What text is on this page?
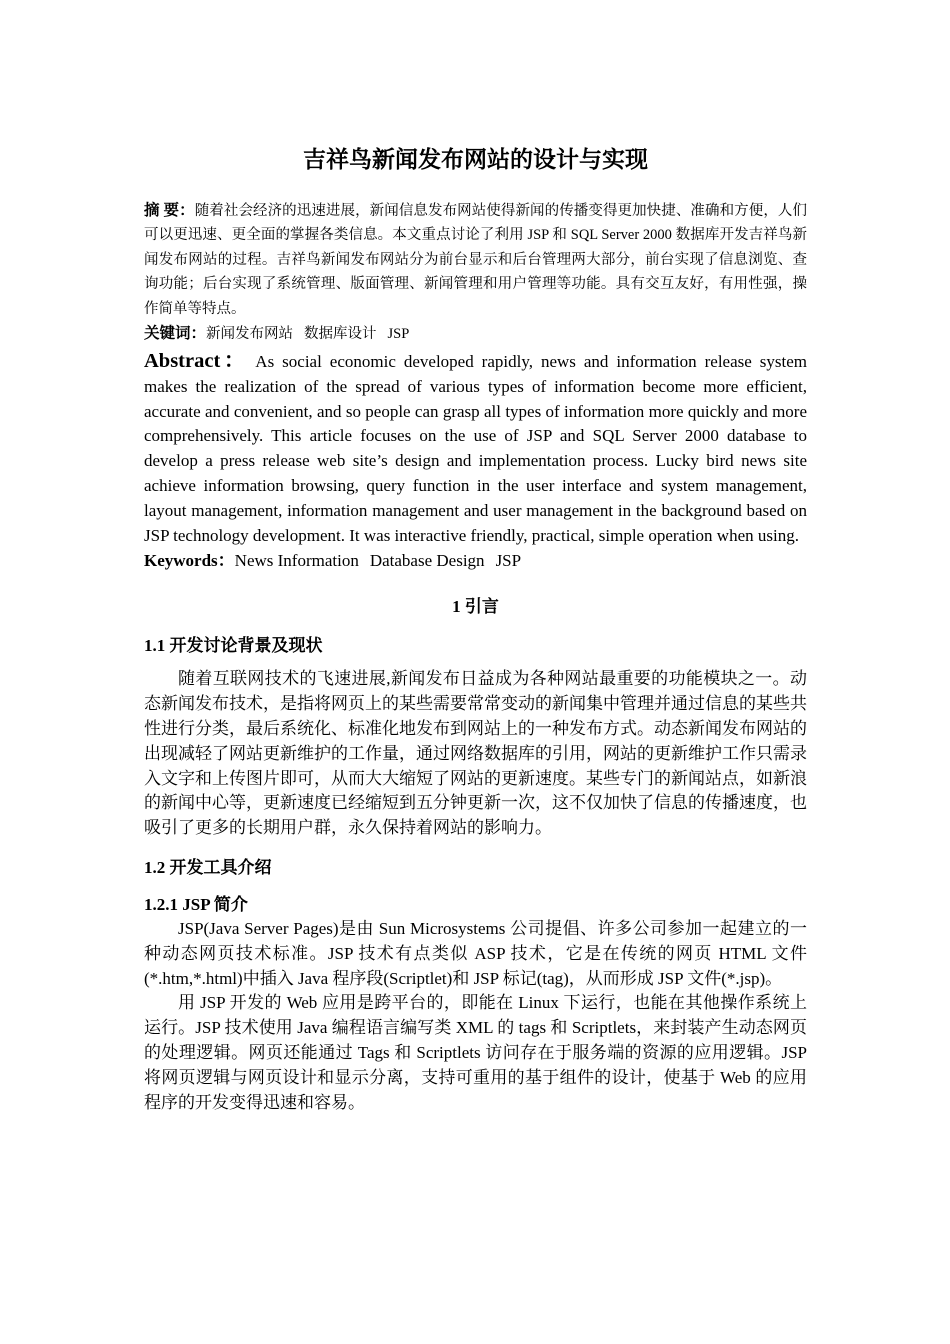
吉祥鸟新闻发布网站的设计与实现

摘 要：随着社会经济的迅速进展，新闻信息发布网站使得新闻的传播变得更加快捷、准确和方便，人们可以更迅速、更全面的掌握各类信息。本文重点讨论了利用 JSP 和 SQL Server 2000 数据库开发吉祥鸟新闻发布网站的过程。吉祥鸟新闻发布网站分为前台显示和后台管理两大部分，前台实现了信息浏览、查询功能；后台实现了系统管理、版面管理、新闻管理和用户管理等功能。具有交互友好，有用性强，操作简单等特点。

关键词：新闻发布网站 数据库设计 JSP

Abstract： As social economic developed rapidly, news and information release system makes the realization of the spread of various types of information become more efficient, accurate and convenient, and so people can grasp all types of information more quickly and more comprehensively. This article focuses on the use of JSP and SQL Server 2000 database to develop a press release web site’s design and implementation process. Lucky bird news site achieve information browsing, query function in the user interface and system management, layout management, information management and user management in the background based on JSP technology development. It was interactive friendly, practical, simple operation when using.

Keywords：News Information Database Design JSP

1 引言
1.1 开发讨论背景及现状

随着互联网技术的飞速进展,新闻发布日益成为各种网站最重要的功能模块之一。动态新闻发布技术，是指将网页上的某些需要常常变动的新闻集中管理并通过信息的某些共性进行分类，最后系统化、标准化地发布到网站上的一种发布方式。动态新闻发布网站的出现减轻了网站更新维护的工作量，通过网络数据库的引用，网站的更新维护工作只需录入文字和上传图片即可，从而大大缩短了网站的更新速度。某些专门的新闻站点，如新浪的新闻中心等，更新速度已经缩短到五分钟更新一次，这不仅加快了信息的传播速度，也吸引了更多的长期用户群，永久保持着网站的影响力。

1.2 开发工具介绍
1.2.1 JSP 简介

JSP(Java Server Pages)是由 Sun Microsystems 公司提倡、许多公司参加一起建立的一种动态网页技术标准。JSP 技术有点类似 ASP 技术，它是在传统的网页 HTML 文件(*.htm,*.html)中插入 Java 程序段(Scriptlet)和 JSP 标记(tag)，从而形成 JSP 文件(*.jsp)。

用 JSP 开发的 Web 应用是跨平台的，即能在 Linux 下运行，也能在其他操作系统上运行。JSP 技术使用 Java 编程语言编写类 XML 的 tags 和 Scriptlets，来封装产生动态网页的处理逻辑。网页还能通过 Tags 和 Scriptlets 访问存在于服务端的资源的应用逻辑。JSP 将网页逻辑与网页设计和显示分离，支持可重用的基于组件的设计，使基于 Web 的应用程序的开发变得迅速和容易。
